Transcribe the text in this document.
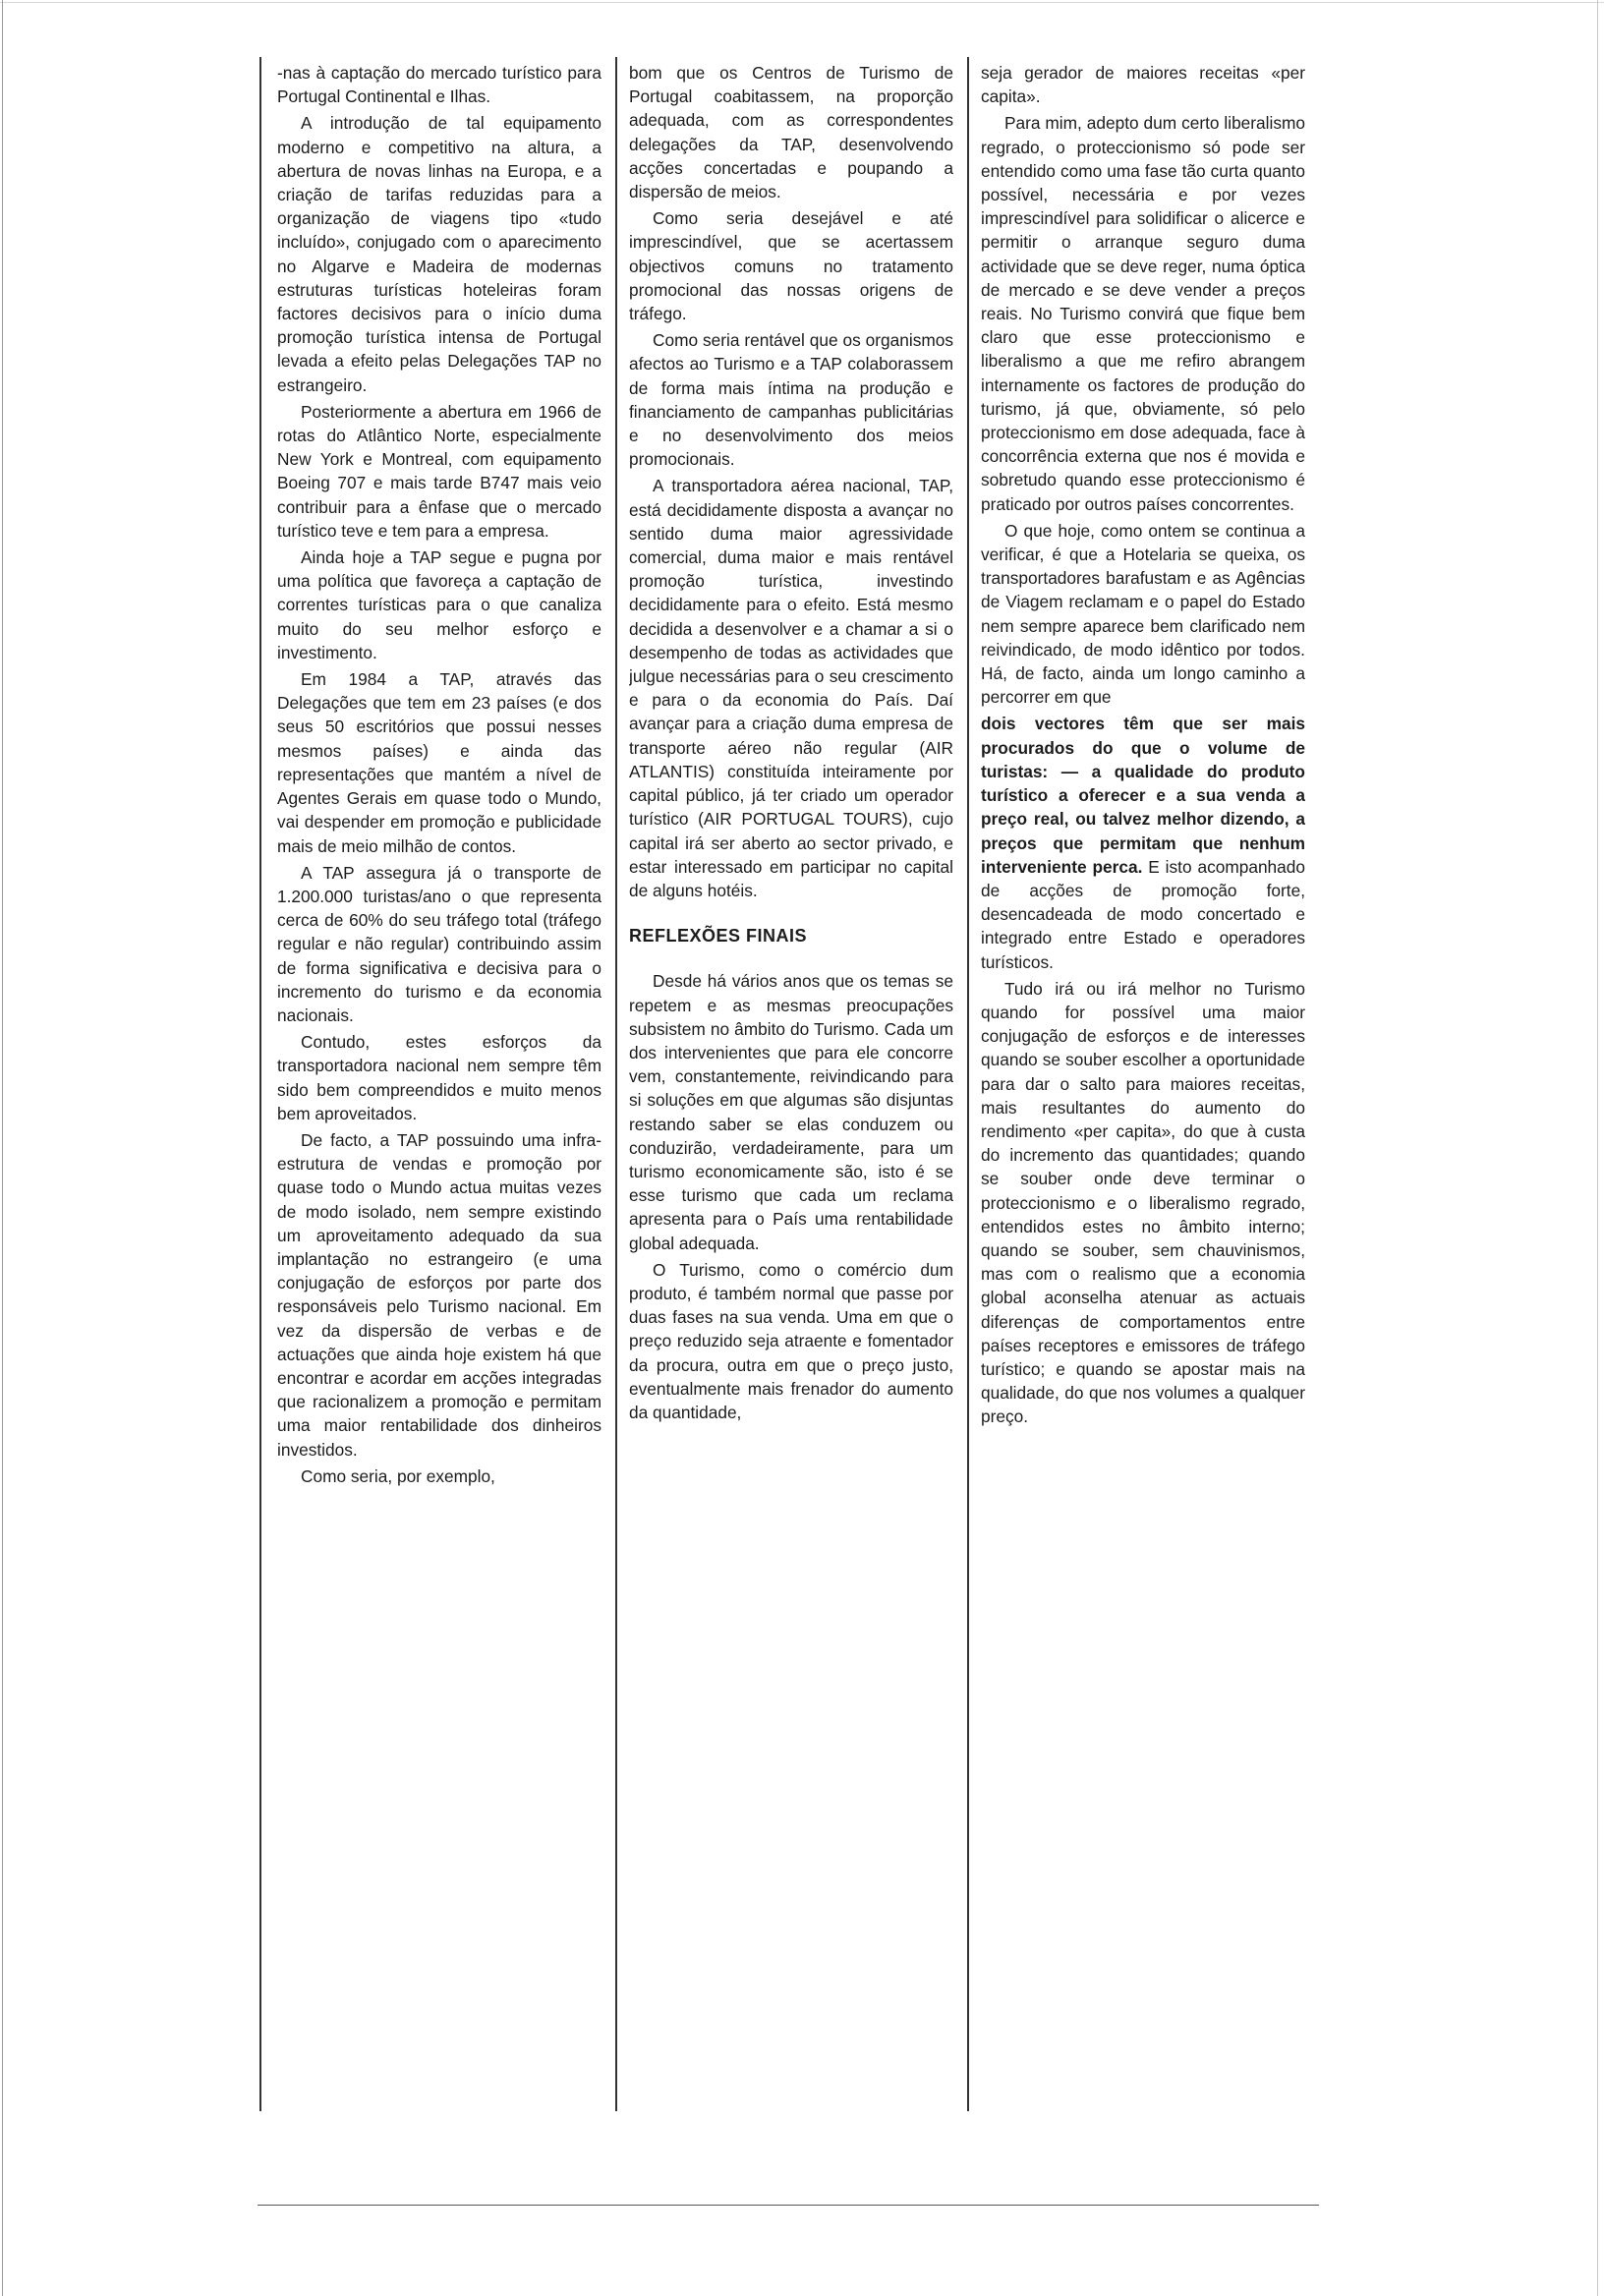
-nas à captação do mercado turístico para Portugal Continental e Ilhas.

A introdução de tal equipamento moderno e competitivo na altura, a abertura de novas linhas na Europa, e a criação de tarifas reduzidas para a organização de viagens tipo «tudo incluído», conjugado com o aparecimento no Algarve e Madeira de modernas estruturas turísticas hoteleiras foram factores decisivos para o início duma promoção turística intensa de Portugal levada a efeito pelas Delegações TAP no estrangeiro.

Posteriormente a abertura em 1966 de rotas do Atlântico Norte, especialmente New York e Montreal, com equipamento Boeing 707 e mais tarde B747 mais veio contribuir para a ênfase que o mercado turístico teve e tem para a empresa.

Ainda hoje a TAP segue e pugna por uma política que favoreça a captação de correntes turísticas para o que canaliza muito do seu melhor esforço e investimento.

Em 1984 a TAP, através das Delegações que tem em 23 países (e dos seus 50 escritórios que possui nesses mesmos países) e ainda das representações que mantém a nível de Agentes Gerais em quase todo o Mundo, vai despender em promoção e publicidade mais de meio milhão de contos.

A TAP assegura já o transporte de 1.200.000 turistas/ano o que representa cerca de 60% do seu tráfego total (tráfego regular e não regular) contribuindo assim de forma significativa e decisiva para o incremento do turismo e da economia nacionais.

Contudo, estes esforços da transportadora nacional nem sempre têm sido bem compreendidos e muito menos bem aproveitados.

De facto, a TAP possuindo uma infra-estrutura de vendas e promoção por quase todo o Mundo actua muitas vezes de modo isolado, nem sempre existindo um aproveitamento adequado da sua implantação no estrangeiro (e uma conjugação de esforços por parte dos responsáveis pelo Turismo nacional. Em vez da dispersão de verbas e de actuações que ainda hoje existem há que encontrar e acordar em acções integradas que racionalizem a promoção e permitam uma maior rentabilidade dos dinheiros investidos.

Como seria, por exemplo,

bom que os Centros de Turismo de Portugal coabitassem, na proporção adequada, com as correspondentes delegações da TAP, desenvolvendo acções concertadas e poupando a dispersão de meios.

Como seria desejável e até imprescindível, que se acertassem objectivos comuns no tratamento promocional das nossas origens de tráfego.

Como seria rentável que os organismos afectos ao Turismo e a TAP colaborassem de forma mais íntima na produção e financiamento de campanhas publicitárias e no desenvolvimento dos meios promocionais.

A transportadora aérea nacional, TAP, está decididamente disposta a avançar no sentido duma maior agressividade comercial, duma maior e mais rentável promoção turística, investindo decididamente para o efeito. Está mesmo decidida a desenvolver e a chamar a si o desempenho de todas as actividades que julgue necessárias para o seu crescimento e para o da economia do País. Daí avançar para a criação duma empresa de transporte aéreo não regular (AIR ATLANTIS) constituída inteiramente por capital público, já ter criado um operador turístico (AIR PORTUGAL TOURS), cujo capital irá ser aberto ao sector privado, e estar interessado em participar no capital de alguns hotéis.

REFLEXÕES FINAIS

Desde há vários anos que os temas se repetem e as mesmas preocupações subsistem no âmbito do Turismo. Cada um dos intervenientes que para ele concorre vem, constantemente, reivindicando para si soluções em que algumas são disjuntas restando saber se elas conduzem ou conduzirão, verdadeiramente, para um turismo economicamente são, isto é se esse turismo que cada um reclama apresenta para o País uma rentabilidade global adequada.

O Turismo, como o comércio dum produto, é também normal que passe por duas fases na sua venda. Uma em que o preço reduzido seja atraente e fomentador da procura, outra em que o preço justo, eventualmente mais frenador do aumento da quantidade,

seja gerador de maiores receitas «per capita».

Para mim, adepto dum certo liberalismo regrado, o proteccionismo só pode ser entendido como uma fase tão curta quanto possível, necessária e por vezes imprescindível para solidificar o alicerce e permitir o arranque seguro duma actividade que se deve reger, numa óptica de mercado e se deve vender a preços reais. No Turismo convirá que fique bem claro que esse proteccionismo e liberalismo a que me refiro abrangem internamente os factores de produção do turismo, já que, obviamente, só pelo proteccionismo em dose adequada, face à concorrência externa que nos é movida e sobretudo quando esse proteccionismo é praticado por outros países concorrentes.

O que hoje, como ontem se continua a verificar, é que a Hotelaria se queixa, os transportadores barafustam e as Agências de Viagem reclamam e o papel do Estado nem sempre aparece bem clarificado nem reivindicado, de modo idêntico por todos. Há, de facto, ainda um longo caminho a percorrer em que

dois vectores têm que ser mais procurados do que o volume de turistas: — a qualidade do produto turístico a oferecer e a sua venda a preço real, ou talvez melhor dizendo, a preços que permitam que nenhum interveniente perca. E isto acompanhado de acções de promoção forte, desencadeada de modo concertado e integrado entre Estado e operadores turísticos.

Tudo irá ou irá melhor no Turismo quando for possível uma maior conjugação de esforços e de interesses quando se souber escolher a oportunidade para dar o salto para maiores receitas, mais resultantes do aumento do rendimento «per capita», do que à custa do incremento das quantidades; quando se souber onde deve terminar o proteccionismo e o liberalismo regrado, entendidos estes no âmbito interno; quando se souber, sem chauvinismos, mas com o realismo que a economia global aconselha atenuar as actuais diferenças de comportamentos entre países receptores e emissores de tráfego turístico; e quando se apostar mais na qualidade, do que nos volumes a qualquer preço.
